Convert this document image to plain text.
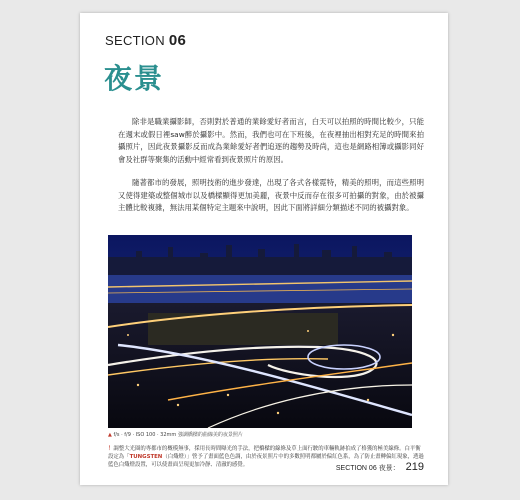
SECTION 06
夜景

除非是職業攝影師，否則對於普通的業餘愛好者而言，白天可以拍照的時間比較少，只能在週末或假日裡saw醉於攝影中。然而，我們也可在下班後，在夜裡抽出相對充足的時間來拍攝照片，因此夜景攝影反而成為業餘愛好者們追逐的趨勢及時尚，這也是網路相簿或攝影同好會及社群等聚集的活動中經常看到夜景照片的原因。

隨著都市的發展，照明技術的進步發達，出現了各式各樣霓特，精美的照明，而這些照明又使得建築或整個城市以及橋樑顯得更加美麗，夜景中反而存在很多可拍攝的對象，由於被攝主體比較複雜，無法用某個特定主題來中說明，因此下面將詳細分類描述不同的被攝對象。

▲ f/s · f/9 · ISO 100 · 32mm 強調橋樑的曲線美的夜景照片
！調整大光圈的專都市的概模無事，採用長時間曝光的手法，把橋樑的線條及草上面行駛的車輛軌跡拍成了格獲的極美線條。白平衡設定為「TUNGSTEN（白熾燈）」營予了畫面藍色色調，由於夜景照片中的多數照明都屬於偏紅色系，為了防止畫轉偏紅現象，透過藍色白熾燈設置，可以使畫面呈現更加冷靜、清澈的感覺。	SECTION 06 夜景： 219
